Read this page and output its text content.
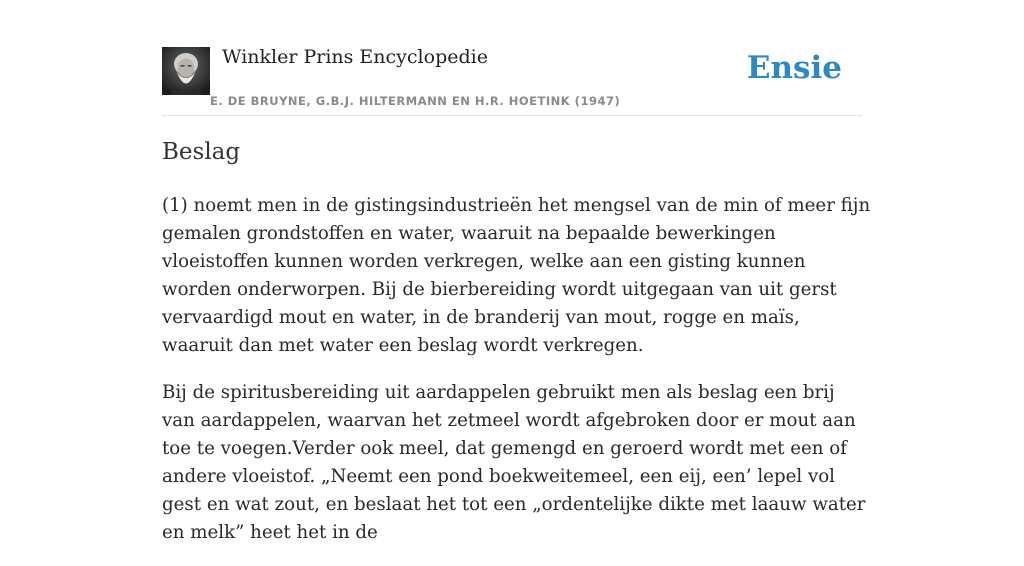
Winkler Prins Encyclopedie
E. DE BRUYNE, G.B.J. HILTERMANN EN H.R. HOETINK (1947)
Ensie
Beslag

(1) noemt men in de gistingsindustrieën het mengsel van de min of meer fijn gemalen grondstoffen en water, waaruit na bepaalde bewerkingen vloeistoffen kunnen worden verkregen, welke aan een gisting kunnen worden onderworpen. Bij de bierbereiding wordt uitgegaan van uit gerst vervaardigd mout en water, in de branderij van mout, rogge en maïs, waaruit dan met water een beslag wordt verkregen.

Bij de spiritusbereiding uit aardappelen gebruikt men als beslag een brij van aardappelen, waarvan het zetmeel wordt afgebroken door er mout aan toe te voegen.Verder ook meel, dat gemengd en geroerd wordt met een of andere vloeistof. „Neemt een pond boekweitemeel, een eij, een’ lepel vol gest en wat zout, en beslaat het tot een „ordentelijke dikte met laauw water en melk” heet het in de
